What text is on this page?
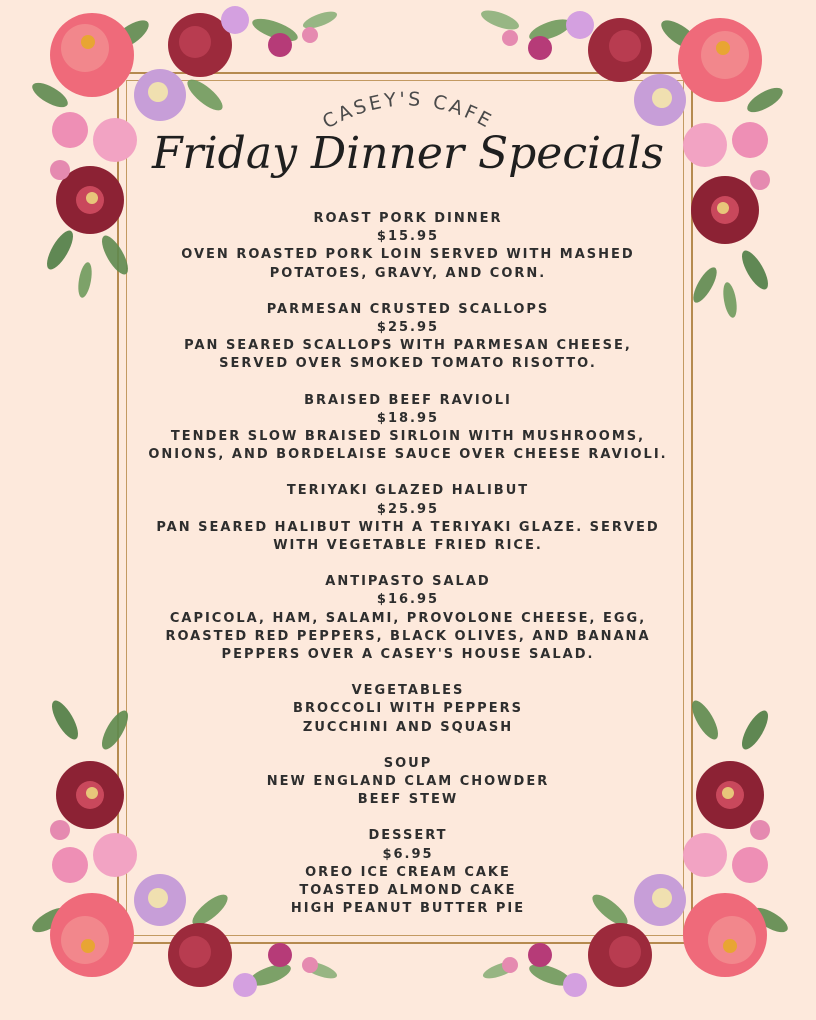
CASEY'S CAFE
Friday Dinner Specials
ROAST PORK DINNER
$15.95
OVEN ROASTED PORK LOIN SERVED WITH MASHED
POTATOES, GRAVY, AND CORN.
PARMESAN CRUSTED SCALLOPS
$25.95
PAN SEARED SCALLOPS WITH PARMESAN CHEESE,
SERVED OVER SMOKED TOMATO RISOTTO.
BRAISED BEEF RAVIOLI
$18.95
TENDER SLOW BRAISED SIRLOIN WITH MUSHROOMS,
ONIONS, AND BORDELAISE SAUCE OVER CHEESE RAVIOLI.
TERIYAKI GLAZED HALIBUT
$25.95
PAN SEARED HALIBUT WITH A TERIYAKI GLAZE. SERVED
WITH VEGETABLE FRIED RICE.
ANTIPASTO SALAD
$16.95
CAPICOLA, HAM, SALAMI, PROVOLONE CHEESE, EGG,
ROASTED RED PEPPERS, BLACK OLIVES, AND BANANA
PEPPERS OVER A CASEY'S HOUSE SALAD.
VEGETABLES
BROCCOLI WITH PEPPERS
ZUCCHINI AND SQUASH
SOUP
NEW ENGLAND CLAM CHOWDER
BEEF STEW
DESSERT
$6.95
OREO ICE CREAM CAKE
TOASTED ALMOND CAKE
HIGH PEANUT BUTTER PIE
